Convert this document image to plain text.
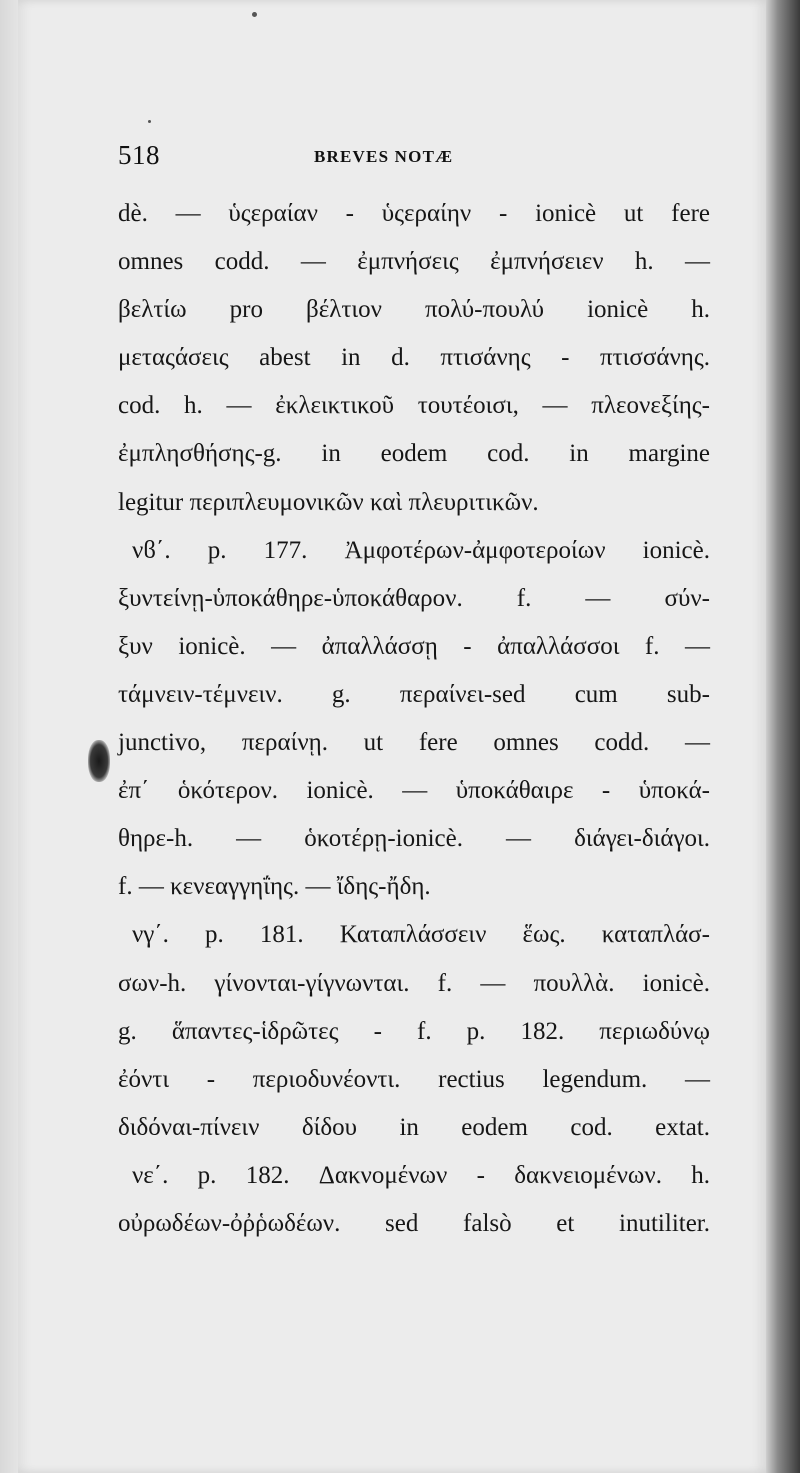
518	BREVES NOTÆ
dè. — ὑςεραίαν - ὑςεραίην - ionicè ut fere
omnes codd. — ἐμπνήσεις ἐμπνήσειεν h. —
βελτίω pro βέλτιον πολύ-πουλύ ionicè h.
μεταςάσεις abest in d. πτισάνης - πτισσάνης.
cod. h. — ἐκλεικτικοῦ τουτέοισι, — πλεονεξίης-
ἐμπλησθήσης-g. in eodem cod. in margine
legitur περιπλευμονικῶν καὶ πλευριτικῶν.
νϐ΄. p. 177. Ἀμφοτέρων-ἀμφοτεροίων ionicè.
ξυντείνῃ-ὑποκάθηρε-ὑποκάθαρον. f. — σύν-
ξυν ionicè. — ἀπαλλάσσῃ - ἀπαλλάσσοι f. —
τάμνειν-τέμνειν. g. περαίνει-sed cum sub-
junctivo, περαίνῃ. ut fere omnes codd. —
ἐπ΄ ὁκότερον. ionicè. — ὑποκάθαιρε - ὑποκά-
θηρε-h. — ὁκοτέρῃ-ionicè. — διάγει-διάγοι.
f. — κενεαγγηΐης. — ἴδης-ἤδη.
νγ΄. p. 181. Καταπλάσσειν ἕως. καταπλάσ-
σων-h. γίνονται-γίγνωνται. f. — πουλλὰ. ionicè.
g. ἅπαντες-ἱδρῶτες - f. p. 182. περιωδύνῳ
ἐόντι - περιοδυνέοντι. rectius legendum. —
διδόναι-πίνειν δίδου in eodem cod. extat.
νε΄. p. 182. Δακνομένων - δακνειομένων. h.
οὐρωδέων-ὀῤῥωδέων. sed falsò et inutiliter.
